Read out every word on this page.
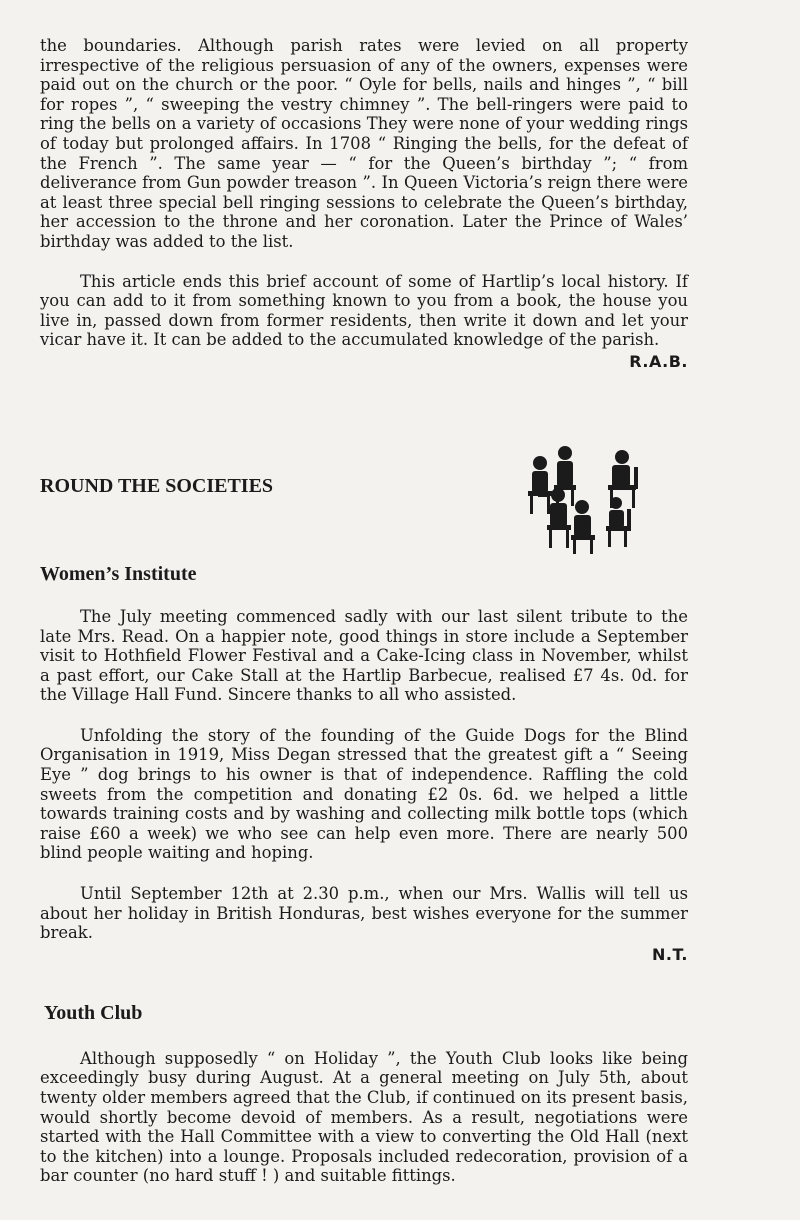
the boundaries. Although parish rates were levied on all property irrespective of the religious persuasion of any of the owners, expenses were paid out on the church or the poor. “ Oyle for bells, nails and hinges ”, “ bill for ropes ”, “ sweeping the vestry chimney ”. The bell-ringers were paid to ring the bells on a variety of occasions They were none of your wedding rings of today but prolonged affairs. In 1708 “ Ringing the bells, for the defeat of the French ”. The same year — “ for the Queen’s birthday ”; “ from deliverance from Gun powder treason ”. In Queen Victoria’s reign there were at least three special bell ringing sessions to celebrate the Queen’s birthday, her accession to the throne and her coronation. Later the Prince of Wales’ birthday was added to the list.

This article ends this brief account of some of Hartlip’s local history. If you can add to it from something known to you from a book, the house you live in, passed down from former residents, then write it down and let your vicar have it. It can be added to the accumulated knowledge of the parish.

R.A.B.

ROUND THE SOCIETIES
Women’s Institute

The July meeting commenced sadly with our last silent tribute to the late Mrs. Read. On a happier note, good things in store include a September visit to Hothfield Flower Festival and a Cake-Icing class in November, whilst a past effort, our Cake Stall at the Hartlip Barbecue, realised £7 4s. 0d. for the Village Hall Fund. Sincere thanks to all who assisted.

Unfolding the story of the founding of the Guide Dogs for the Blind Organisation in 1919, Miss Degan stressed that the greatest gift a “ Seeing Eye ” dog brings to his owner is that of independence. Raffling the cold sweets from the competition and donating £2 0s. 6d. we helped a little towards training costs and by washing and collecting milk bottle tops (which raise £60 a week) we who see can help even more. There are nearly 500 blind people waiting and hoping.

Until September 12th at 2.30 p.m., when our Mrs. Wallis will tell us about her holiday in British Honduras, best wishes everyone for the summer break.

N.T.

Youth Club

Although supposedly “ on Holiday ”, the Youth Club looks like being exceedingly busy during August. At a general meeting on July 5th, about twenty older members agreed that the Club, if continued on its present basis, would shortly become devoid of members. As a result, negotiations were started with the Hall Committee with a view to converting the Old Hall (next to the kitchen) into a lounge. Proposals included redecoration, provision of a bar counter (no hard stuff ! ) and suitable fittings.
